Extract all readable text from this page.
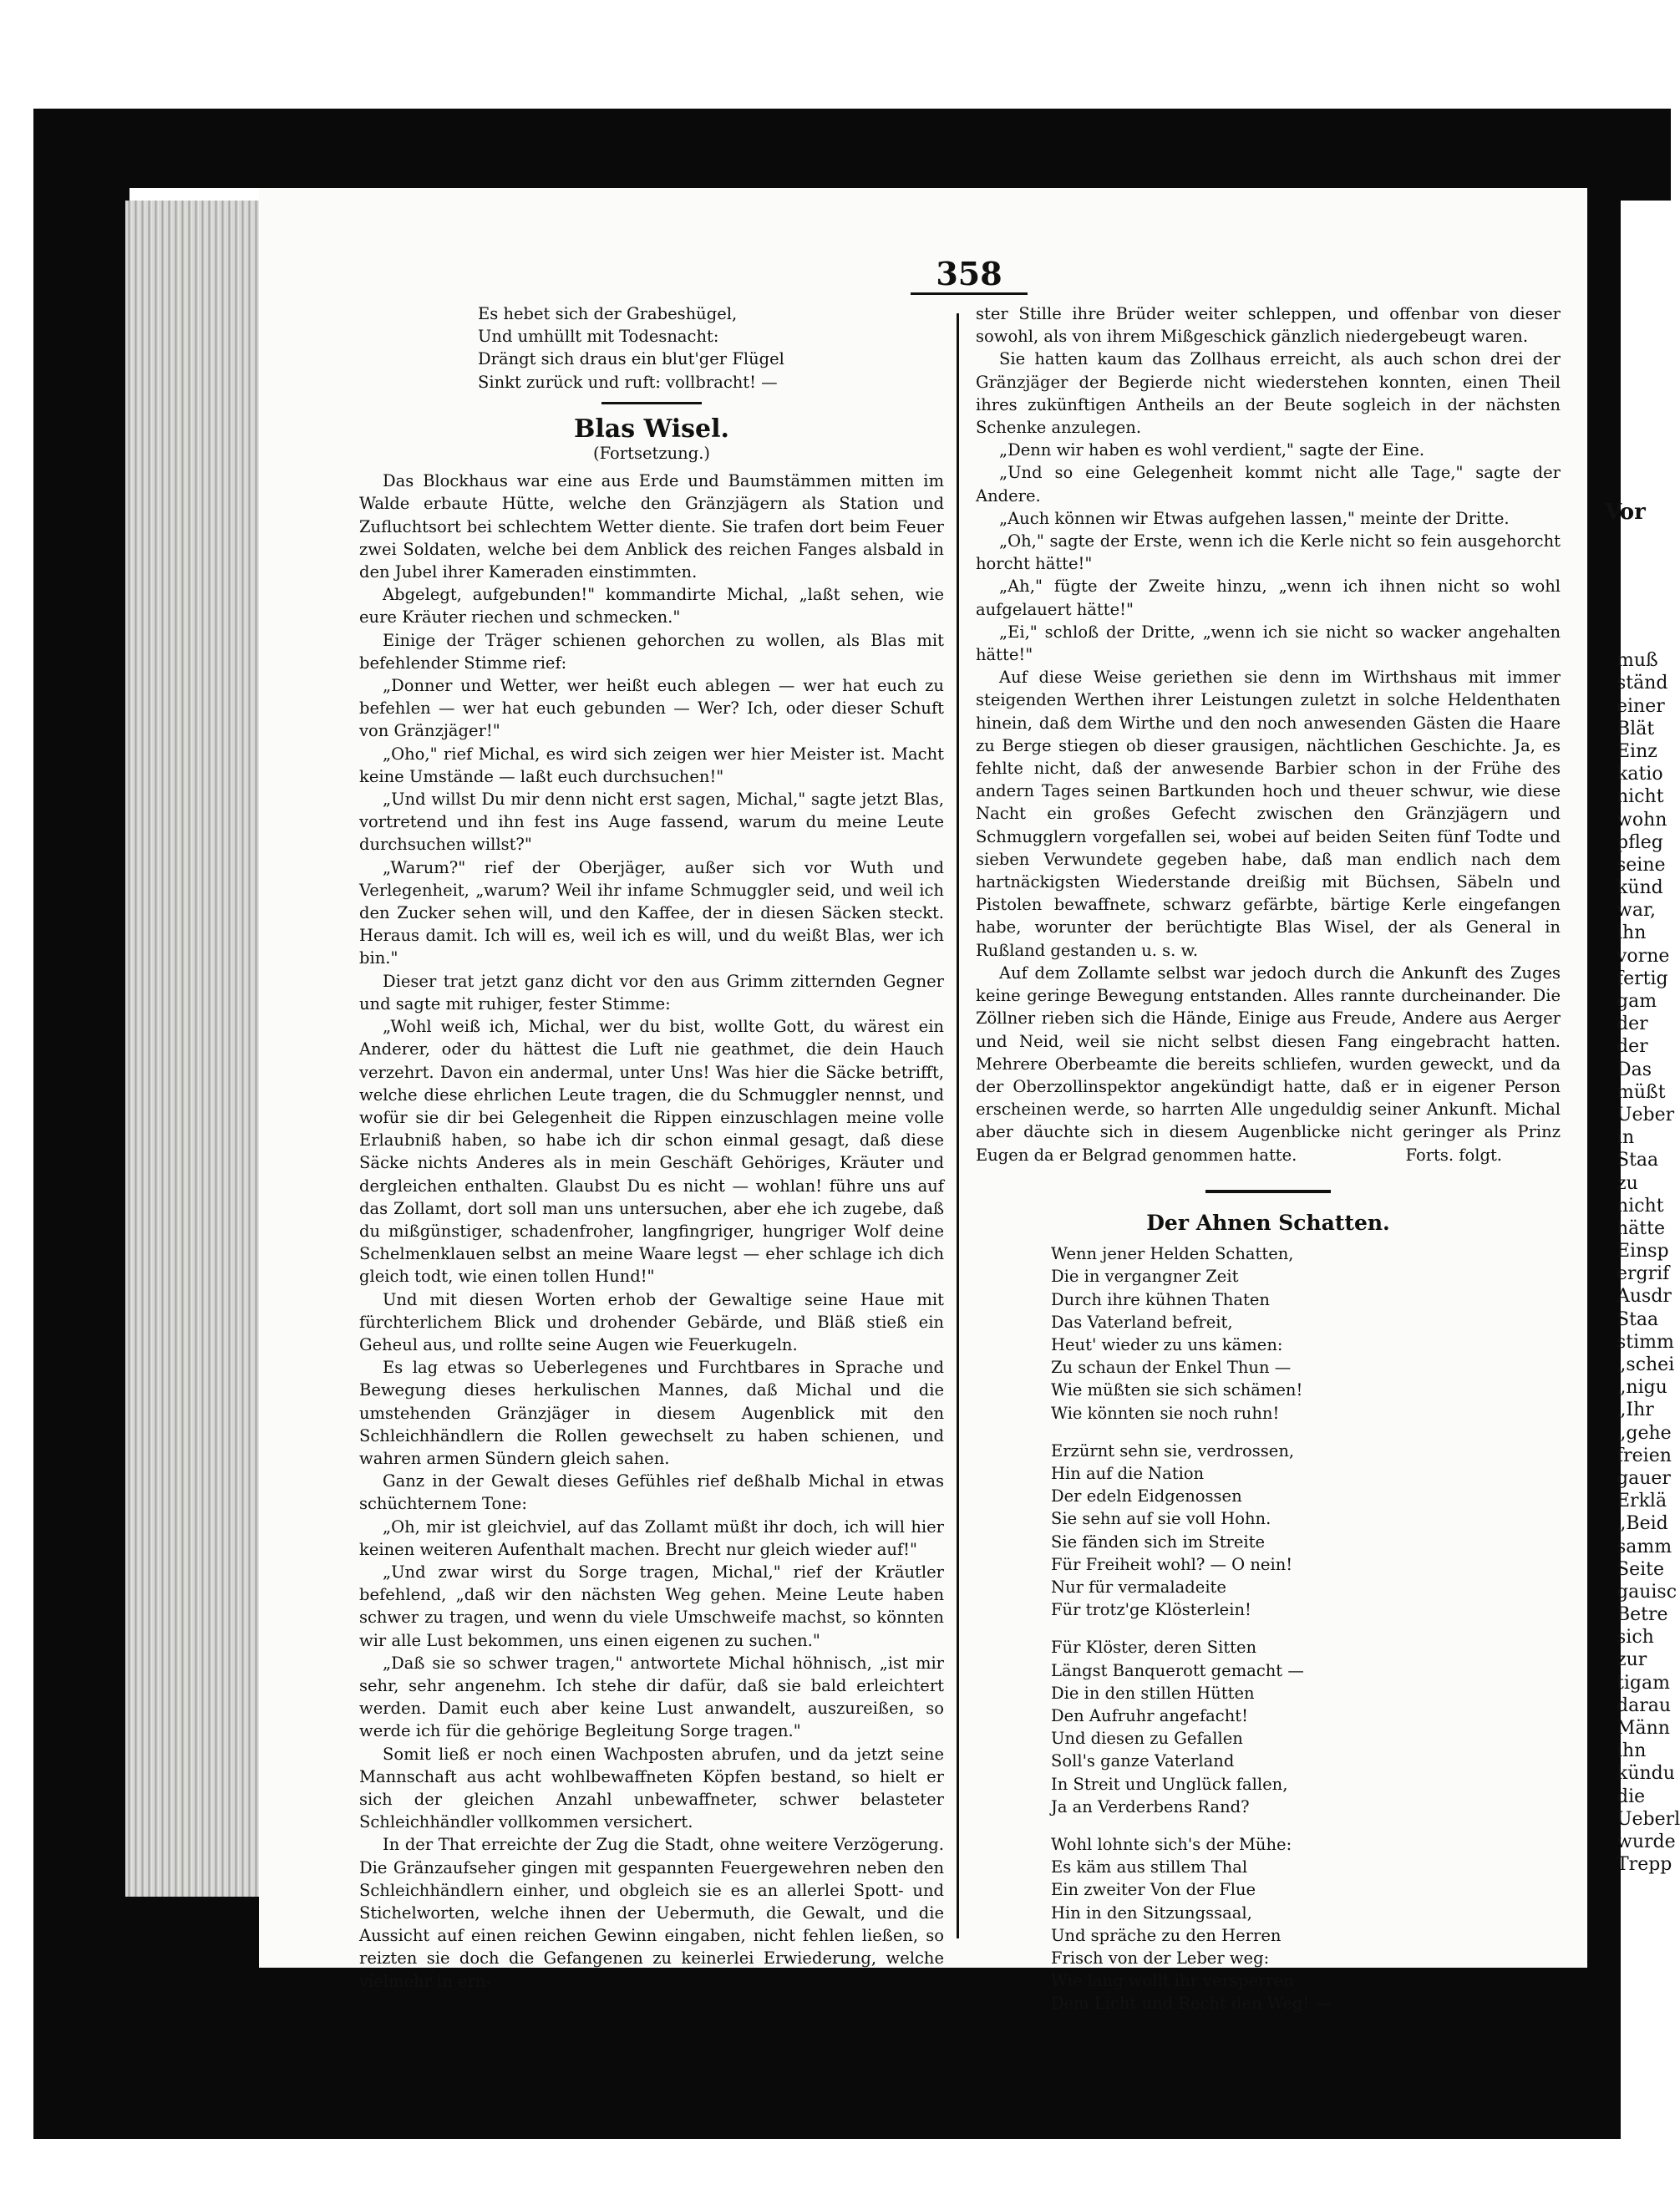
358
Es hebet sich der Grabeshügel,
Und umhüllt mit Todesnacht:
Drängt sich draus ein blut'ger Flügel
Sinkt zurück und ruft: vollbracht! —
Blas Wisel.
(Fortsetzung.)

Das Blockhaus war eine aus Erde und Baumstämmen mitten im Walde erbaute Hütte, welche den Gränzjägern als Station und Zufluchtsort bei schlechtem Wetter diente. Sie trafen dort beim Feuer zwei Soldaten, welche bei dem Anblick des reichen Fanges alsbald in den Jubel ihrer Kameraden einstimmten.

Abgelegt, aufgebunden!" kommandirte Michal, „laßt sehen, wie eure Kräuter riechen und schmecken."

Einige der Träger schienen gehorchen zu wollen, als Blas mit befehlender Stimme rief:

„Donner und Wetter, wer heißt euch ablegen — wer hat euch zu befehlen — wer hat euch gebunden — Wer? Ich, oder dieser Schuft von Gränzjäger!"

„Oho," rief Michal, es wird sich zeigen wer hier Meister ist. Macht keine Umstände — laßt euch durchsuchen!"

„Und willst Du mir denn nicht erst sagen, Michal," sagte jetzt Blas, vortretend und ihn fest ins Auge fassend, warum du meine Leute durchsuchen willst?"

„Warum?" rief der Oberjäger, außer sich vor Wuth und Verlegenheit, „warum? Weil ihr infame Schmuggler seid, und weil ich den Zucker sehen will, und den Kaffee, der in diesen Säcken steckt. Heraus damit. Ich will es, weil ich es will, und du weißt Blas, wer ich bin."

Dieser trat jetzt ganz dicht vor den aus Grimm zitternden Gegner und sagte mit ruhiger, fester Stimme:

„Wohl weiß ich, Michal, wer du bist, wollte Gott, du wärest ein Anderer, oder du hättest die Luft nie geathmet, die dein Hauch verzehrt. Davon ein andermal, unter Uns! Was hier die Säcke betrifft, welche diese ehrlichen Leute tragen, die du Schmuggler nennst, und wofür sie dir bei Gelegenheit die Rippen einzuschlagen meine volle Erlaubniß haben, so habe ich dir schon einmal gesagt, daß diese Säcke nichts Anderes als in mein Geschäft Gehöriges, Kräuter und dergleichen enthalten. Glaubst Du es nicht — wohlan! führe uns auf das Zollamt, dort soll man uns untersuchen, aber ehe ich zugebe, daß du mißgünstiger, schadenfroher, langfingriger, hungriger Wolf deine Schelmenklauen selbst an meine Waare legst — eher schlage ich dich gleich todt, wie einen tollen Hund!"

Und mit diesen Worten erhob der Gewaltige seine Haue mit fürchterlichem Blick und drohender Gebärde, und Bläß stieß ein Geheul aus, und rollte seine Augen wie Feuerkugeln.

Es lag etwas so Ueberlegenes und Furchtbares in Sprache und Bewegung dieses herkulischen Mannes, daß Michal und die umstehenden Gränzjäger in diesem Augenblick mit den Schleichhändlern die Rollen gewechselt zu haben schienen, und wahren armen Sündern gleich sahen.

Ganz in der Gewalt dieses Gefühles rief deßhalb Michal in etwas schüchternem Tone:

„Oh, mir ist gleichviel, auf das Zollamt müßt ihr doch, ich will hier keinen weiteren Aufenthalt machen. Brecht nur gleich wieder auf!"

„Und zwar wirst du Sorge tragen, Michal," rief der Kräutler befehlend, „daß wir den nächsten Weg gehen. Meine Leute haben schwer zu tragen, und wenn du viele Umschweife machst, so könnten wir alle Lust bekommen, uns einen eigenen zu suchen."

„Daß sie so schwer tragen," antwortete Michal höhnisch, „ist mir sehr, sehr angenehm. Ich stehe dir dafür, daß sie bald erleichtert werden. Damit euch aber keine Lust anwandelt, auszureißen, so werde ich für die gehörige Begleitung Sorge tragen."

Somit ließ er noch einen Wachposten abrufen, und da jetzt seine Mannschaft aus acht wohlbewaffneten Köpfen bestand, so hielt er sich der gleichen Anzahl unbewaffneter, schwer belasteter Schleichhändler vollkommen versichert.

In der That erreichte der Zug die Stadt, ohne weitere Verzögerung. Die Gränzaufseher gingen mit gespannten Feuergewehren neben den Schleichhändlern einher, und obgleich sie es an allerlei Spott- und Stichelworten, welche ihnen der Uebermuth, die Gewalt, und die Aussicht auf einen reichen Gewinn eingaben, nicht fehlen ließen, so reizten sie doch die Gefangenen zu keinerlei Erwiederung, welche vielmehr in ern-

ster Stille ihre Brüder weiter schleppen, und offenbar von dieser sowohl, als von ihrem Mißgeschick gänzlich niedergebeugt waren.

Sie hatten kaum das Zollhaus erreicht, als auch schon drei der Gränzjäger der Begierde nicht wiederstehen konnten, einen Theil ihres zukünftigen Antheils an der Beute sogleich in der nächsten Schenke anzulegen.

„Denn wir haben es wohl verdient," sagte der Eine.

„Und so eine Gelegenheit kommt nicht alle Tage," sagte der Andere.

„Auch können wir Etwas aufgehen lassen," meinte der Dritte.

„Oh," sagte der Erste, wenn ich die Kerle nicht so fein ausgehorcht horcht hätte!"

„Ah," fügte der Zweite hinzu, „wenn ich ihnen nicht so wohl aufgelauert hätte!"

„Ei," schloß der Dritte, „wenn ich sie nicht so wacker angehalten hätte!"

Auf diese Weise geriethen sie denn im Wirthshaus mit immer steigenden Werthen ihrer Leistungen zuletzt in solche Heldenthaten hinein, daß dem Wirthe und den noch anwesenden Gästen die Haare zu Berge stiegen ob dieser grausigen, nächtlichen Geschichte. Ja, es fehlte nicht, daß der anwesende Barbier schon in der Frühe des andern Tages seinen Bartkunden hoch und theuer schwur, wie diese Nacht ein großes Gefecht zwischen den Gränzjägern und Schmugglern vorgefallen sei, wobei auf beiden Seiten fünf Todte und sieben Verwundete gegeben habe, daß man endlich nach dem hartnäckigsten Wiederstande dreißig mit Büchsen, Säbeln und Pistolen bewaffnete, schwarz gefärbte, bärtige Kerle eingefangen habe, worunter der berüchtigte Blas Wisel, der als General in Rußland gestanden u. s. w.

Auf dem Zollamte selbst war jedoch durch die Ankunft des Zuges keine geringe Bewegung entstanden. Alles rannte durcheinander. Die Zöllner rieben sich die Hände, Einige aus Freude, Andere aus Aerger und Neid, weil sie nicht selbst diesen Fang eingebracht hatten. Mehrere Oberbeamte die bereits schliefen, wurden geweckt, und da der Oberzollinspektor angekündigt hatte, daß er in eigener Person erscheinen werde, so harrten Alle ungeduldig seiner Ankunft. Michal aber däuchte sich in diesem Augenblicke nicht geringer als Prinz Eugen da er Belgrad genommen hatte.	Forts. folgt.
Der Ahnen Schatten.
Wenn jener Helden Schatten,
Die in vergangner Zeit
Durch ihre kühnen Thaten
Das Vaterland befreit,
Heut' wieder zu uns kämen:
Zu schaun der Enkel Thun —
Wie müßten sie sich schämen!
Wie könnten sie noch ruhn!
Erzürnt sehn sie, verdrossen,
Hin auf die Nation
Der edeln Eidgenossen
Sie sehn auf sie voll Hohn.
Sie fänden sich im Streite
Für Freiheit wohl? — O nein!
Nur für vermaladeite
Für trotz'ge Klösterlein!
Für Klöster, deren Sitten
Längst Banquerott gemacht —
Die in den stillen Hütten
Den Aufruhr angefacht!
Und diesen zu Gefallen
Soll's ganze Vaterland
In Streit und Unglück fallen,
Ja an Verderbens Rand?
Wohl lohnte sich's der Mühe:
Es käm aus stillem Thal
Ein zweiter Von der Flue
Hin in den Sitzungssaal,
Und spräche zu den Herren
Frisch von der Leber weg:
Wie lang wollt ihr versperren
Dem Licht und Recht den Weg! —
Vor
muß
ständ
einer
Blät
Einz
katio
nicht
wohn
pfleg
seine
künd
war,
ihn
vorne
fertig
gam
der
der
Das
müßt
Ueber
in
Staa
zu
nicht
hätte
Einsp
ergrif
Ausdr
Staa
stimm
„schei
„nigu
„Ihr
„gehe
freien
gauer
Erklä
„Beid
samm
Seite
gauisc
Betre
sich
zur
tigam
darau
Männ
ihn
kündu
die
Ueberl
wurde
Trepp
